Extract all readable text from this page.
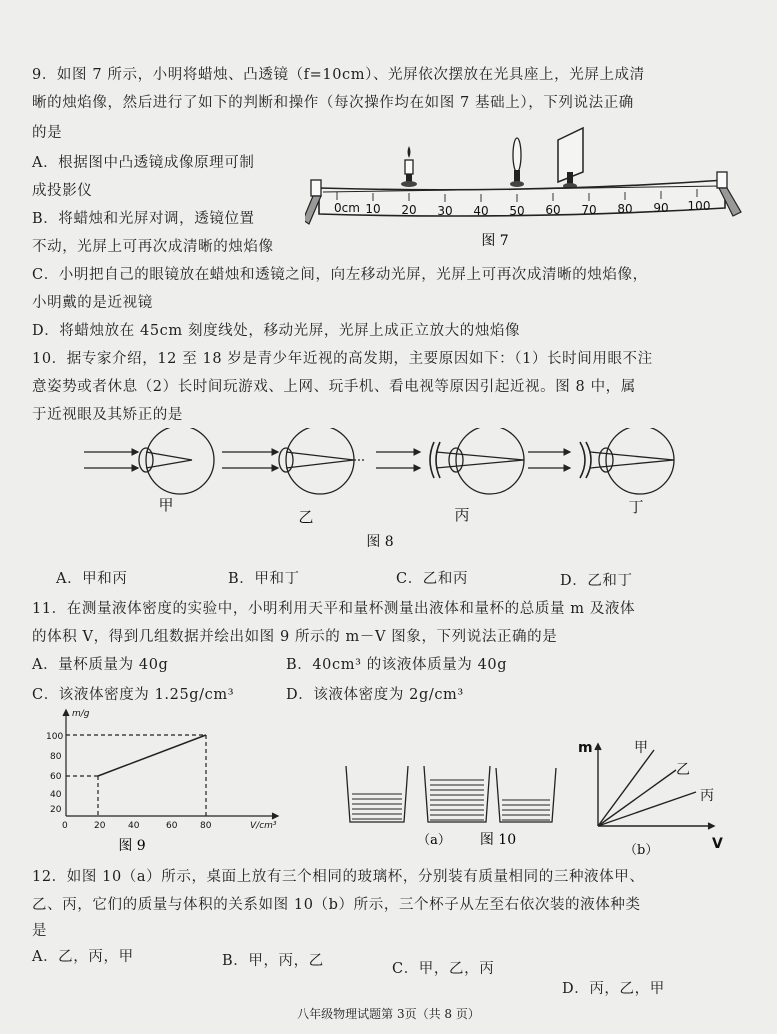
9．如图 7 所示，小明将蜡烛、凸透镜（f=10cm）、光屏依次摆放在光具座上，光屏上成清
晰的烛焰像，然后进行了如下的判断和操作（每次操作均在如图 7 基础上），下列说法正确
的是
A．根据图中凸透镜成像原理可制
成投影仪
B．将蜡烛和光屏对调，透镜位置
不动，光屏上可再次成清晰的烛焰像
0cm 10 20 30 40 50 60 70 80 90 100
图 7
C．小明把自己的眼镜放在蜡烛和透镜之间，向左移动光屏，光屏上可再次成清晰的烛焰像，
小明戴的是近视镜
D．将蜡烛放在 45cm 刻度线处，移动光屏，光屏上成正立放大的烛焰像
10．据专家介绍，12 至 18 岁是青少年近视的高发期，主要原因如下：（1）长时间用眼不注
意姿势或者休息（2）长时间玩游戏、上网、玩手机、看电视等原因引起近视。图 8 中，属
于近视眼及其矫正的是
甲
乙	丙	丁
图 8
A．甲和丙	B．甲和丁	C．乙和丙	D．乙和丁
11．在测量液体密度的实验中，小明利用天平和量杯测量出液体和量杯的总质量 m 及液体
的体积 V，得到几组数据并绘出如图 9 所示的 m－V 图象，下列说法正确的是
A．量杯质量为 40g	B．40cm³ 的该液体质量为 40g
C．该液体密度为 1.25g/cm³	D．该液体密度为 2g/cm³
m/g
V/cm³
100
80
60
40
20
0	20	40	60	80
图 9	（a） 图 10
m
V
甲
乙
丙
（b）
12．如图 10（a）所示，桌面上放有三个相同的玻璃杯，分别装有质量相同的三种液体甲、
乙、丙，它们的质量与体积的关系如图 10（b）所示，三个杯子从左至右依次装的液体种类
是
A．乙，丙，甲	B．甲，丙，乙	C．甲，乙，丙
D．丙，乙，甲
八年级物理试题第 3页（共 8 页）
